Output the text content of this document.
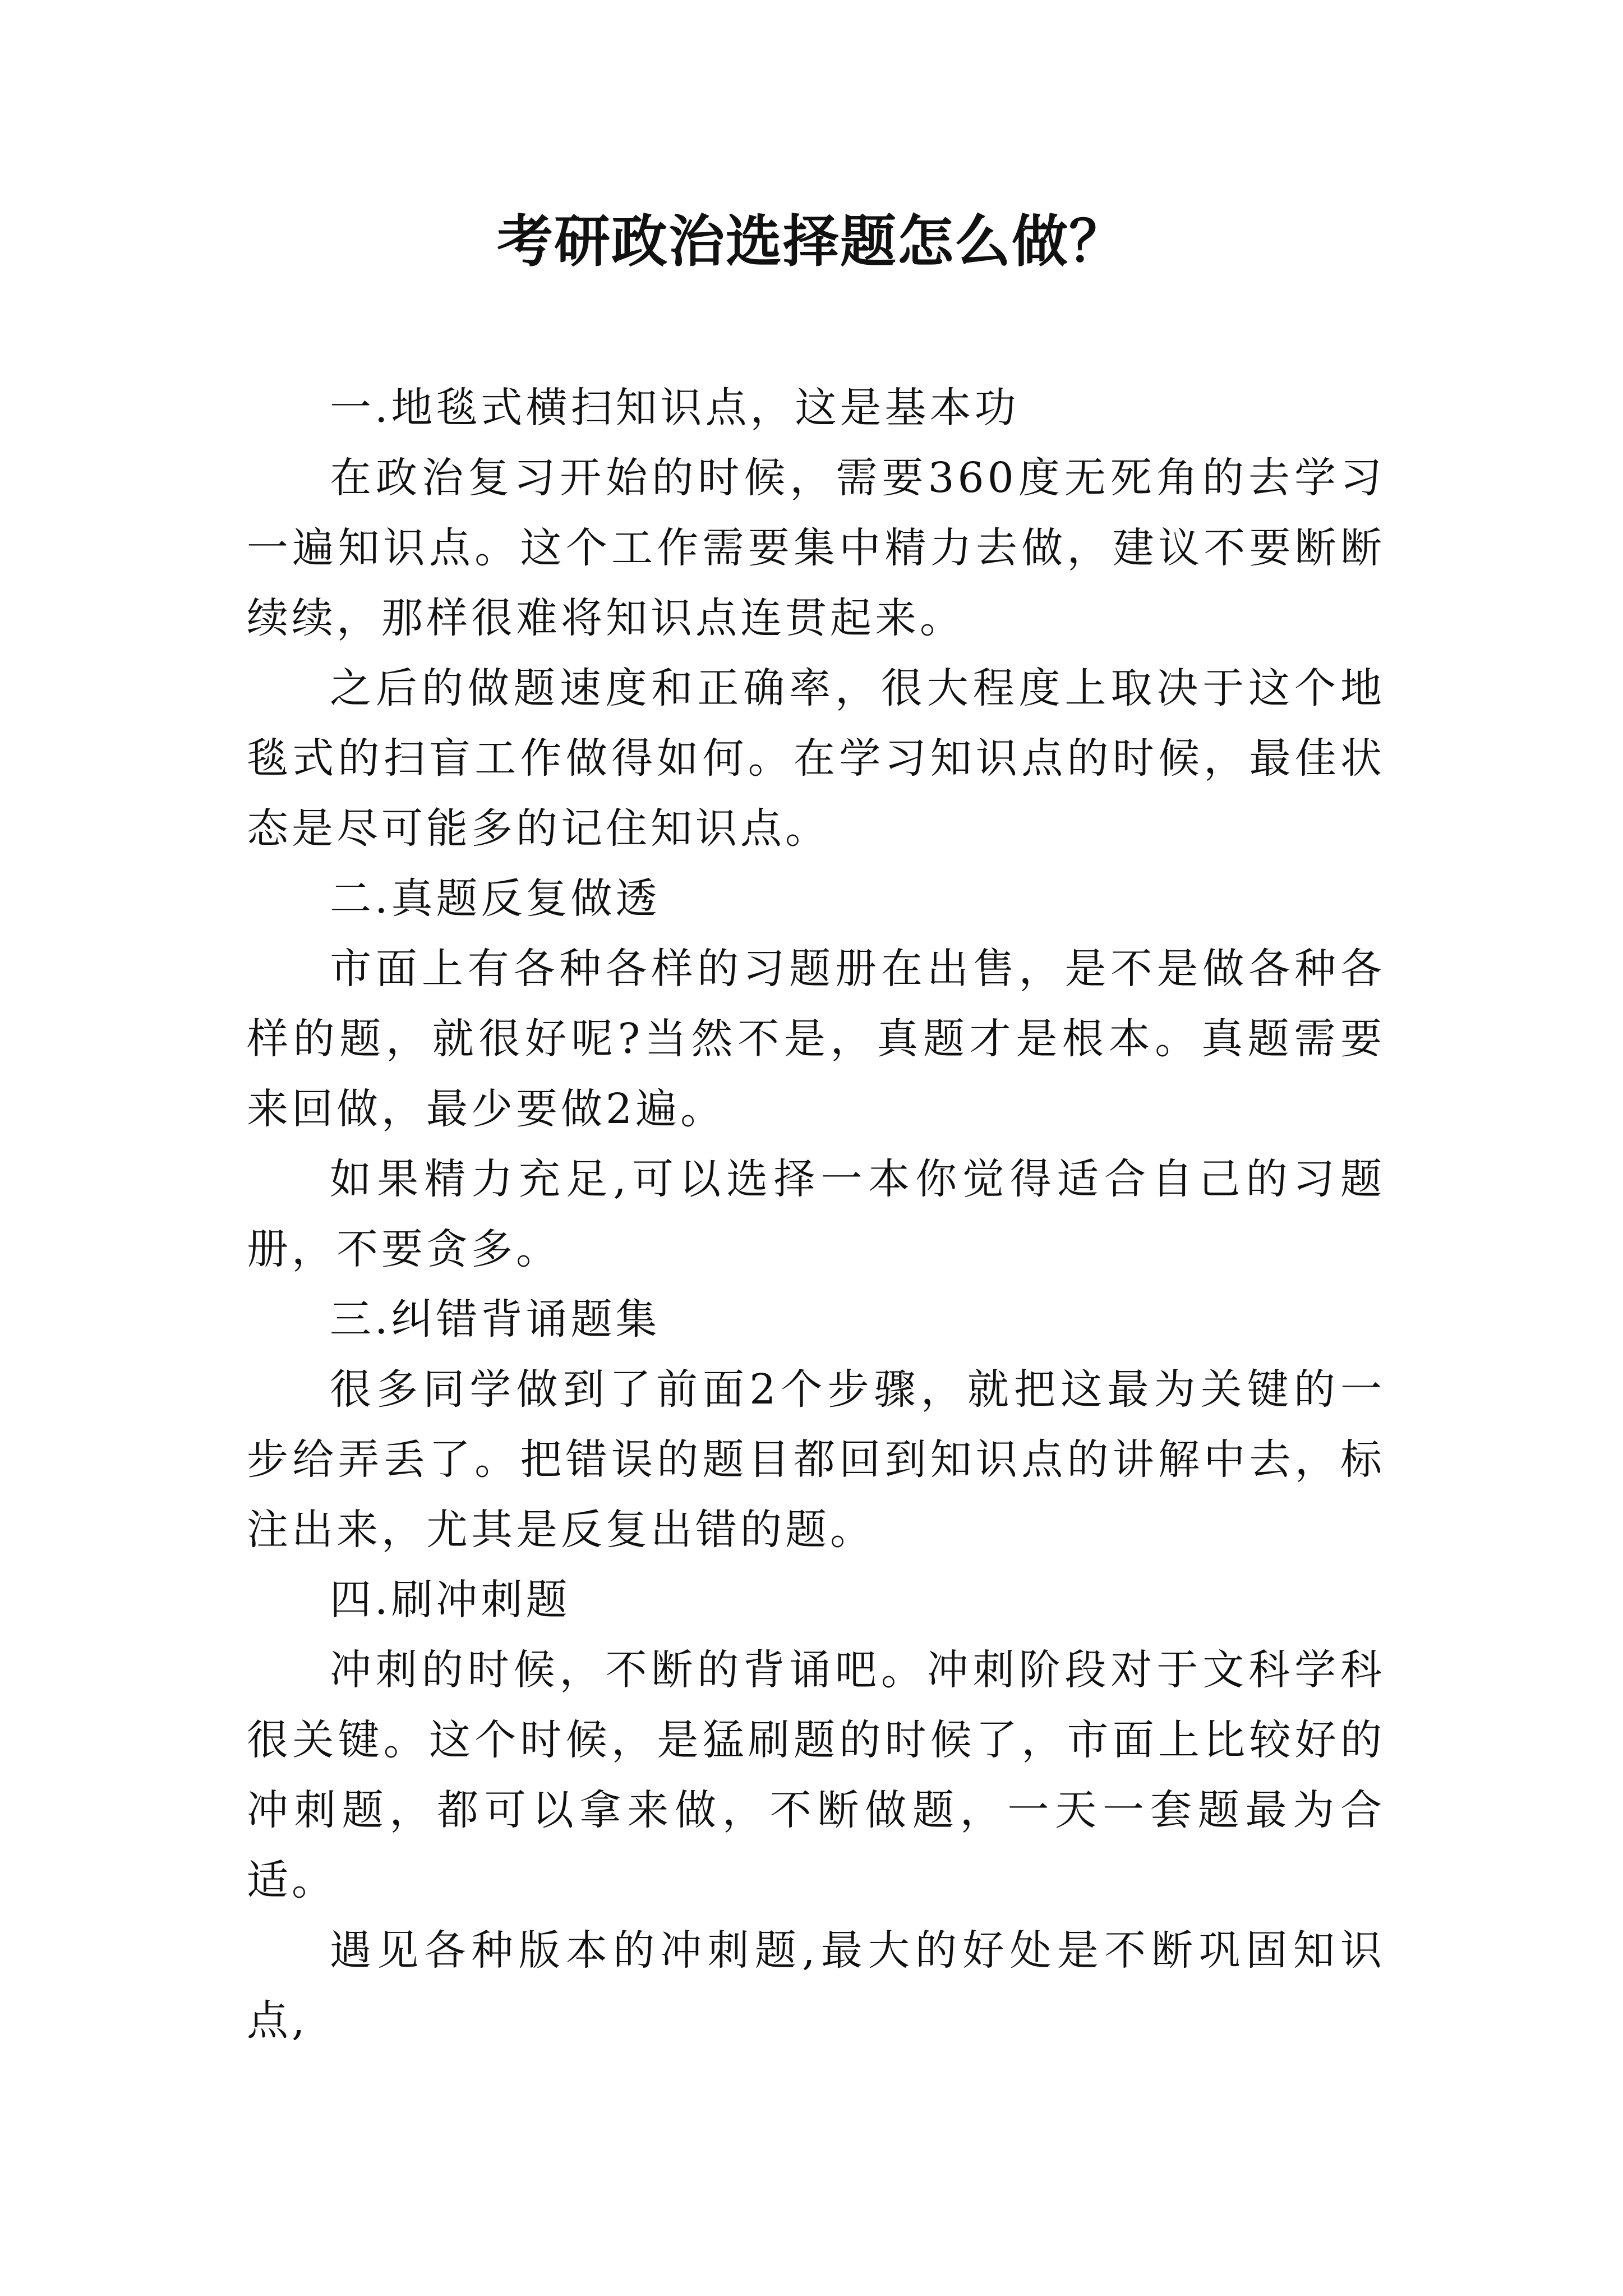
考研政治选择题怎么做？

一.地毯式横扫知识点，这是基本功

在政治复习开始的时候，需要360度无死角的去学习一遍知识点。这个工作需要集中精力去做，建议不要断断续续，那样很难将知识点连贯起来。

之后的做题速度和正确率，很大程度上取决于这个地毯式的扫盲工作做得如何。在学习知识点的时候，最佳状态是尽可能多的记住知识点。

二.真题反复做透

市面上有各种各样的习题册在出售，是不是做各种各样的题，就很好呢?当然不是，真题才是根本。真题需要来回做，最少要做2遍。

如果精力充足,可以选择一本你觉得适合自己的习题册，不要贪多。

三.纠错背诵题集

很多同学做到了前面2个步骤，就把这最为关键的一步给弄丢了。把错误的题目都回到知识点的讲解中去，标注出来，尤其是反复出错的题。

四.刷冲刺题

冲刺的时候，不断的背诵吧。冲刺阶段对于文科学科很关键。这个时候，是猛刷题的时候了，市面上比较好的冲刺题，都可以拿来做，不断做题，一天一套题最为合适。

遇见各种版本的冲刺题,最大的好处是不断巩固知识点,
